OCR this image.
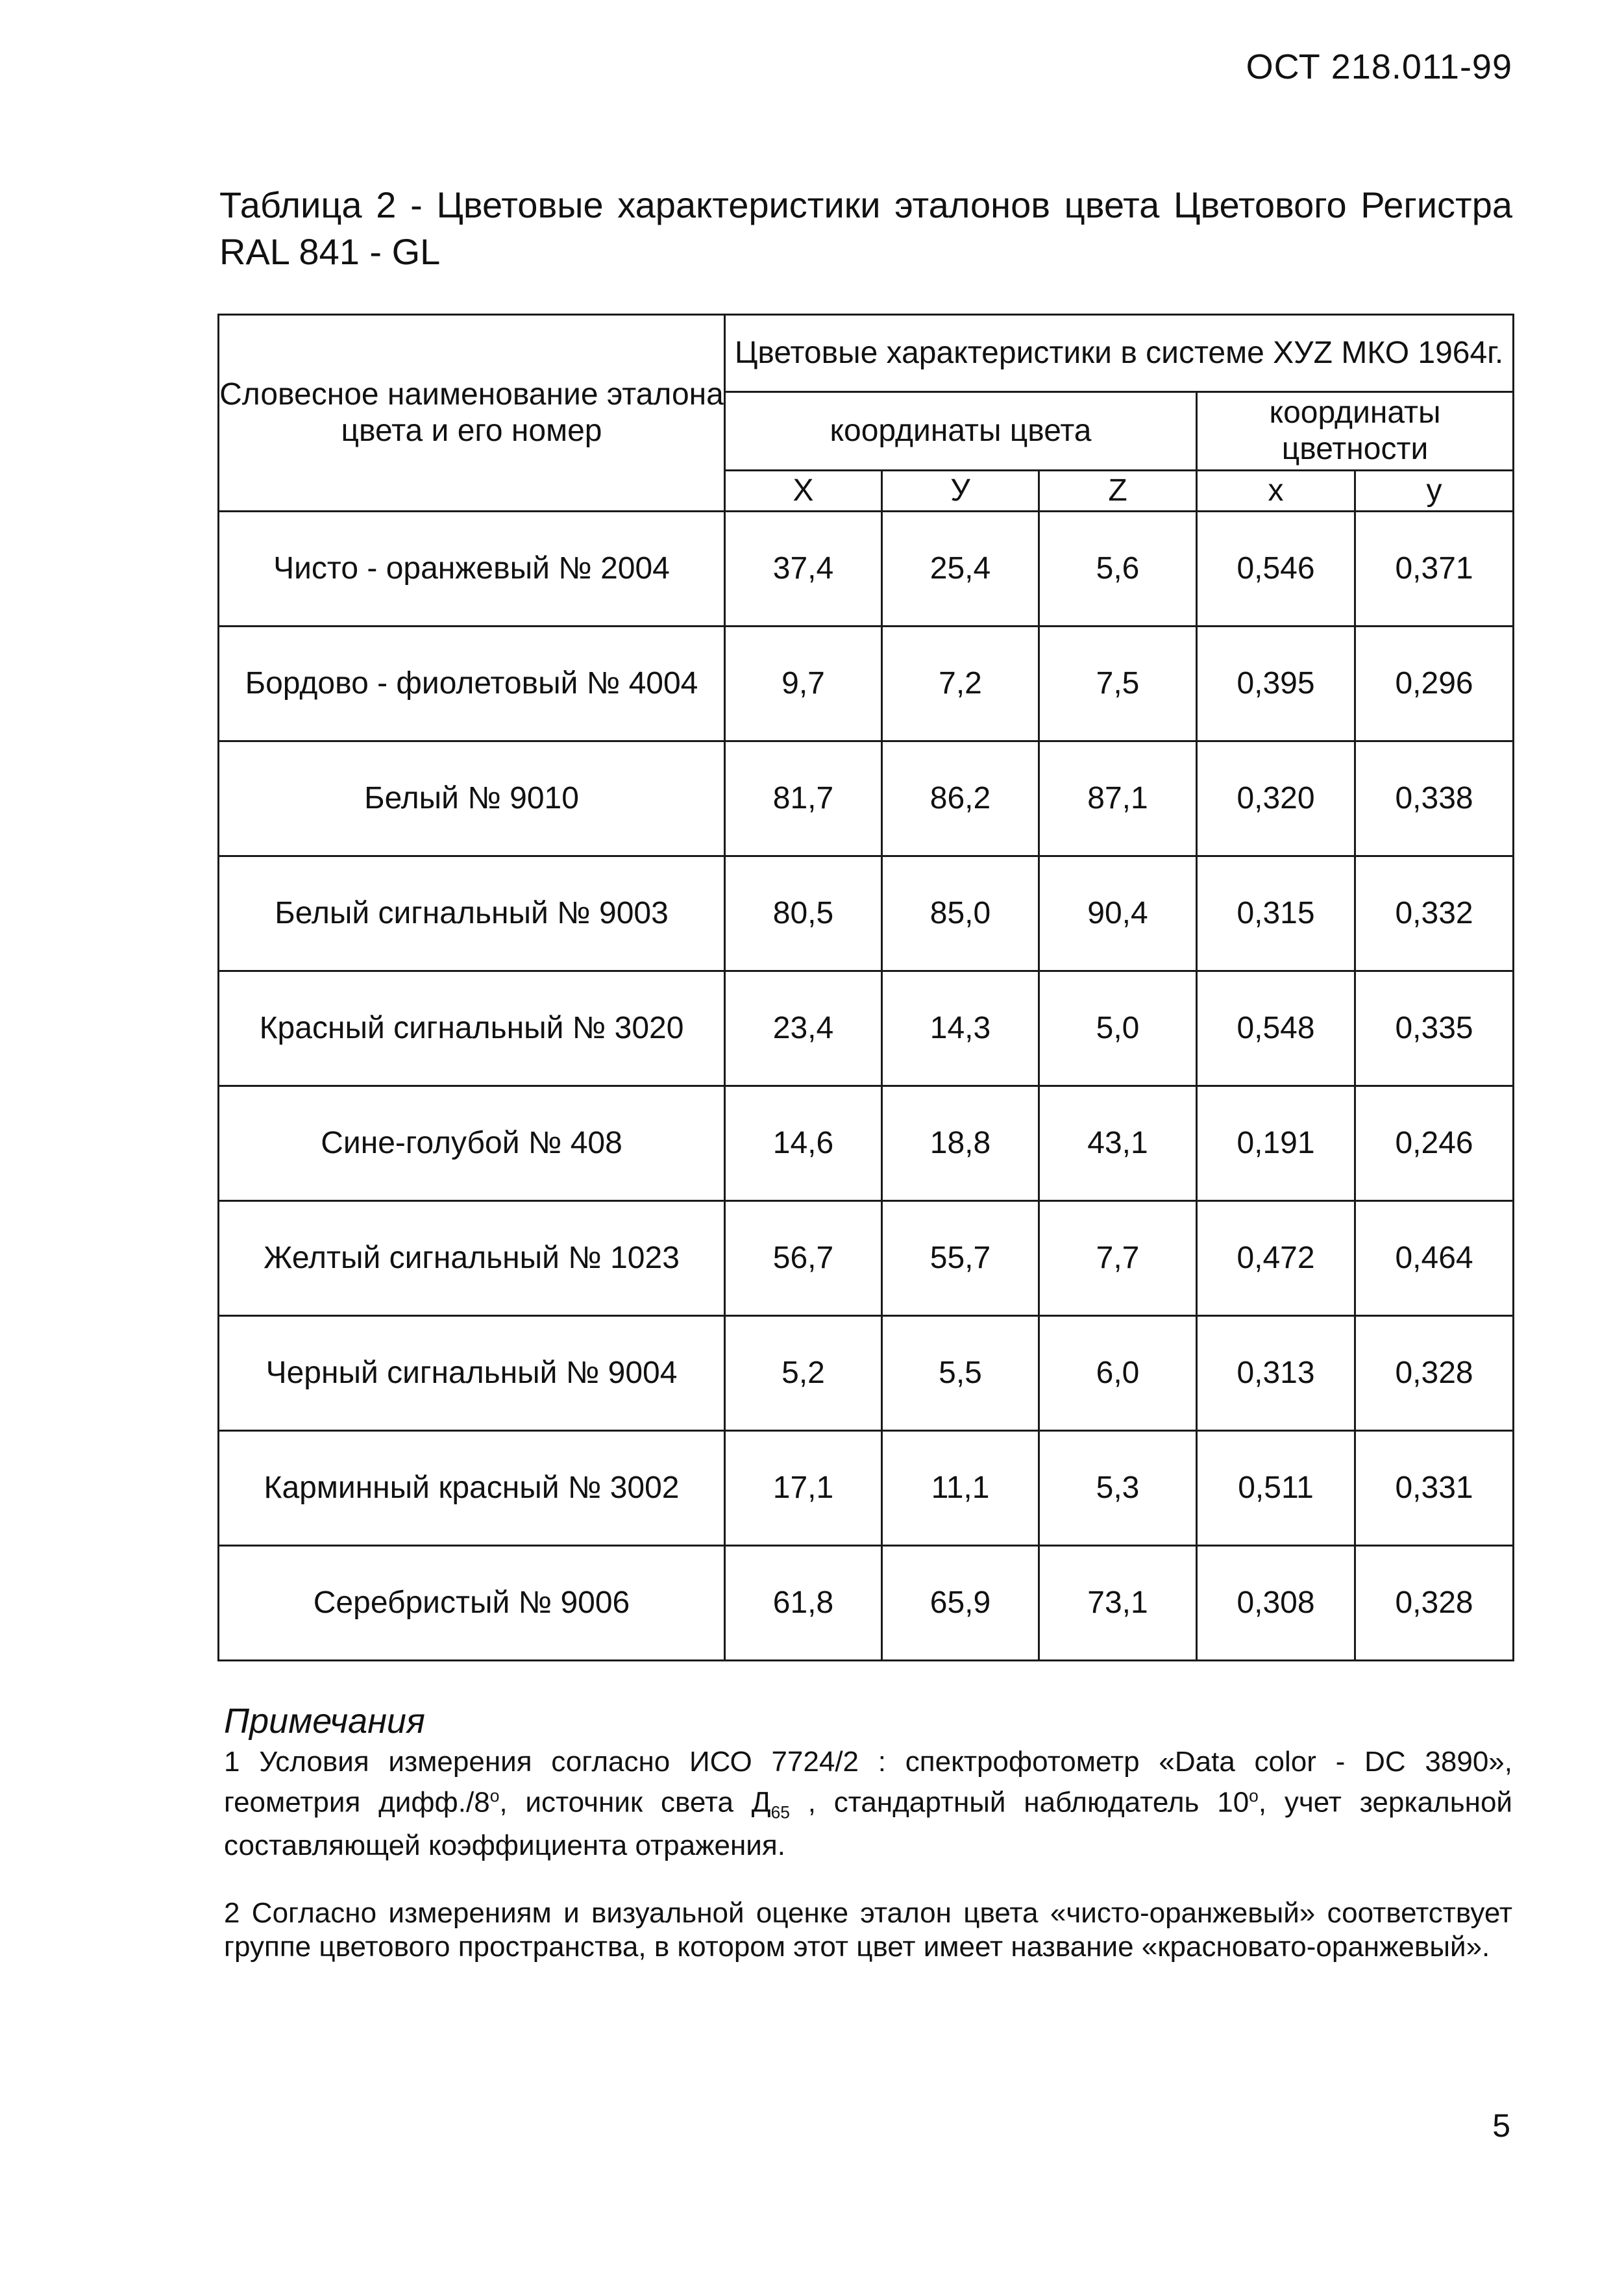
ОСТ 218.011-99
Таблица 2 - Цветовые характеристики эталонов цвета Цветового Регистра RAL 841 - GL
Словесное наименование эталона цвета и его номер	Цветовые характеристики в системе ХУZ МКО 1964г.				
	координаты цвета			координаты цветности	
	X	У	Z	x	y
Чисто - оранжевый № 2004	37,4	25,4	5,6	0,546	0,371
Бордово - фиолетовый № 4004	9,7	7,2	7,5	0,395	0,296
Белый № 9010	81,7	86,2	87,1	0,320	0,338
Белый сигнальный № 9003	80,5	85,0	90,4	0,315	0,332
Красный сигнальный № 3020	23,4	14,3	5,0	0,548	0,335
Сине-голубой № 408	14,6	18,8	43,1	0,191	0,246
Желтый сигнальный № 1023	56,7	55,7	7,7	0,472	0,464
Черный сигнальный № 9004	5,2	5,5	6,0	0,313	0,328
Карминный красный № 3002	17,1	11,1	5,3	0,511	0,331
Серебристый № 9006	61,8	65,9	73,1	0,308	0,328
Примечания

1 Условия измерения согласно ИСО 7724/2 : спектрофотометр «Data color - DC 3890», геометрия $дифф./8^о$, источник света $Д_{65}$ , стандартный наблюдатель $10^о$, учет зеркальной составляющей коэффициента отражения.

2 Согласно измерениям и визуальной оценке эталон цвета «чисто-оранжевый» соответствует группе цветового пространства, в котором этот цвет имеет название «красновато-оранжевый».

5
